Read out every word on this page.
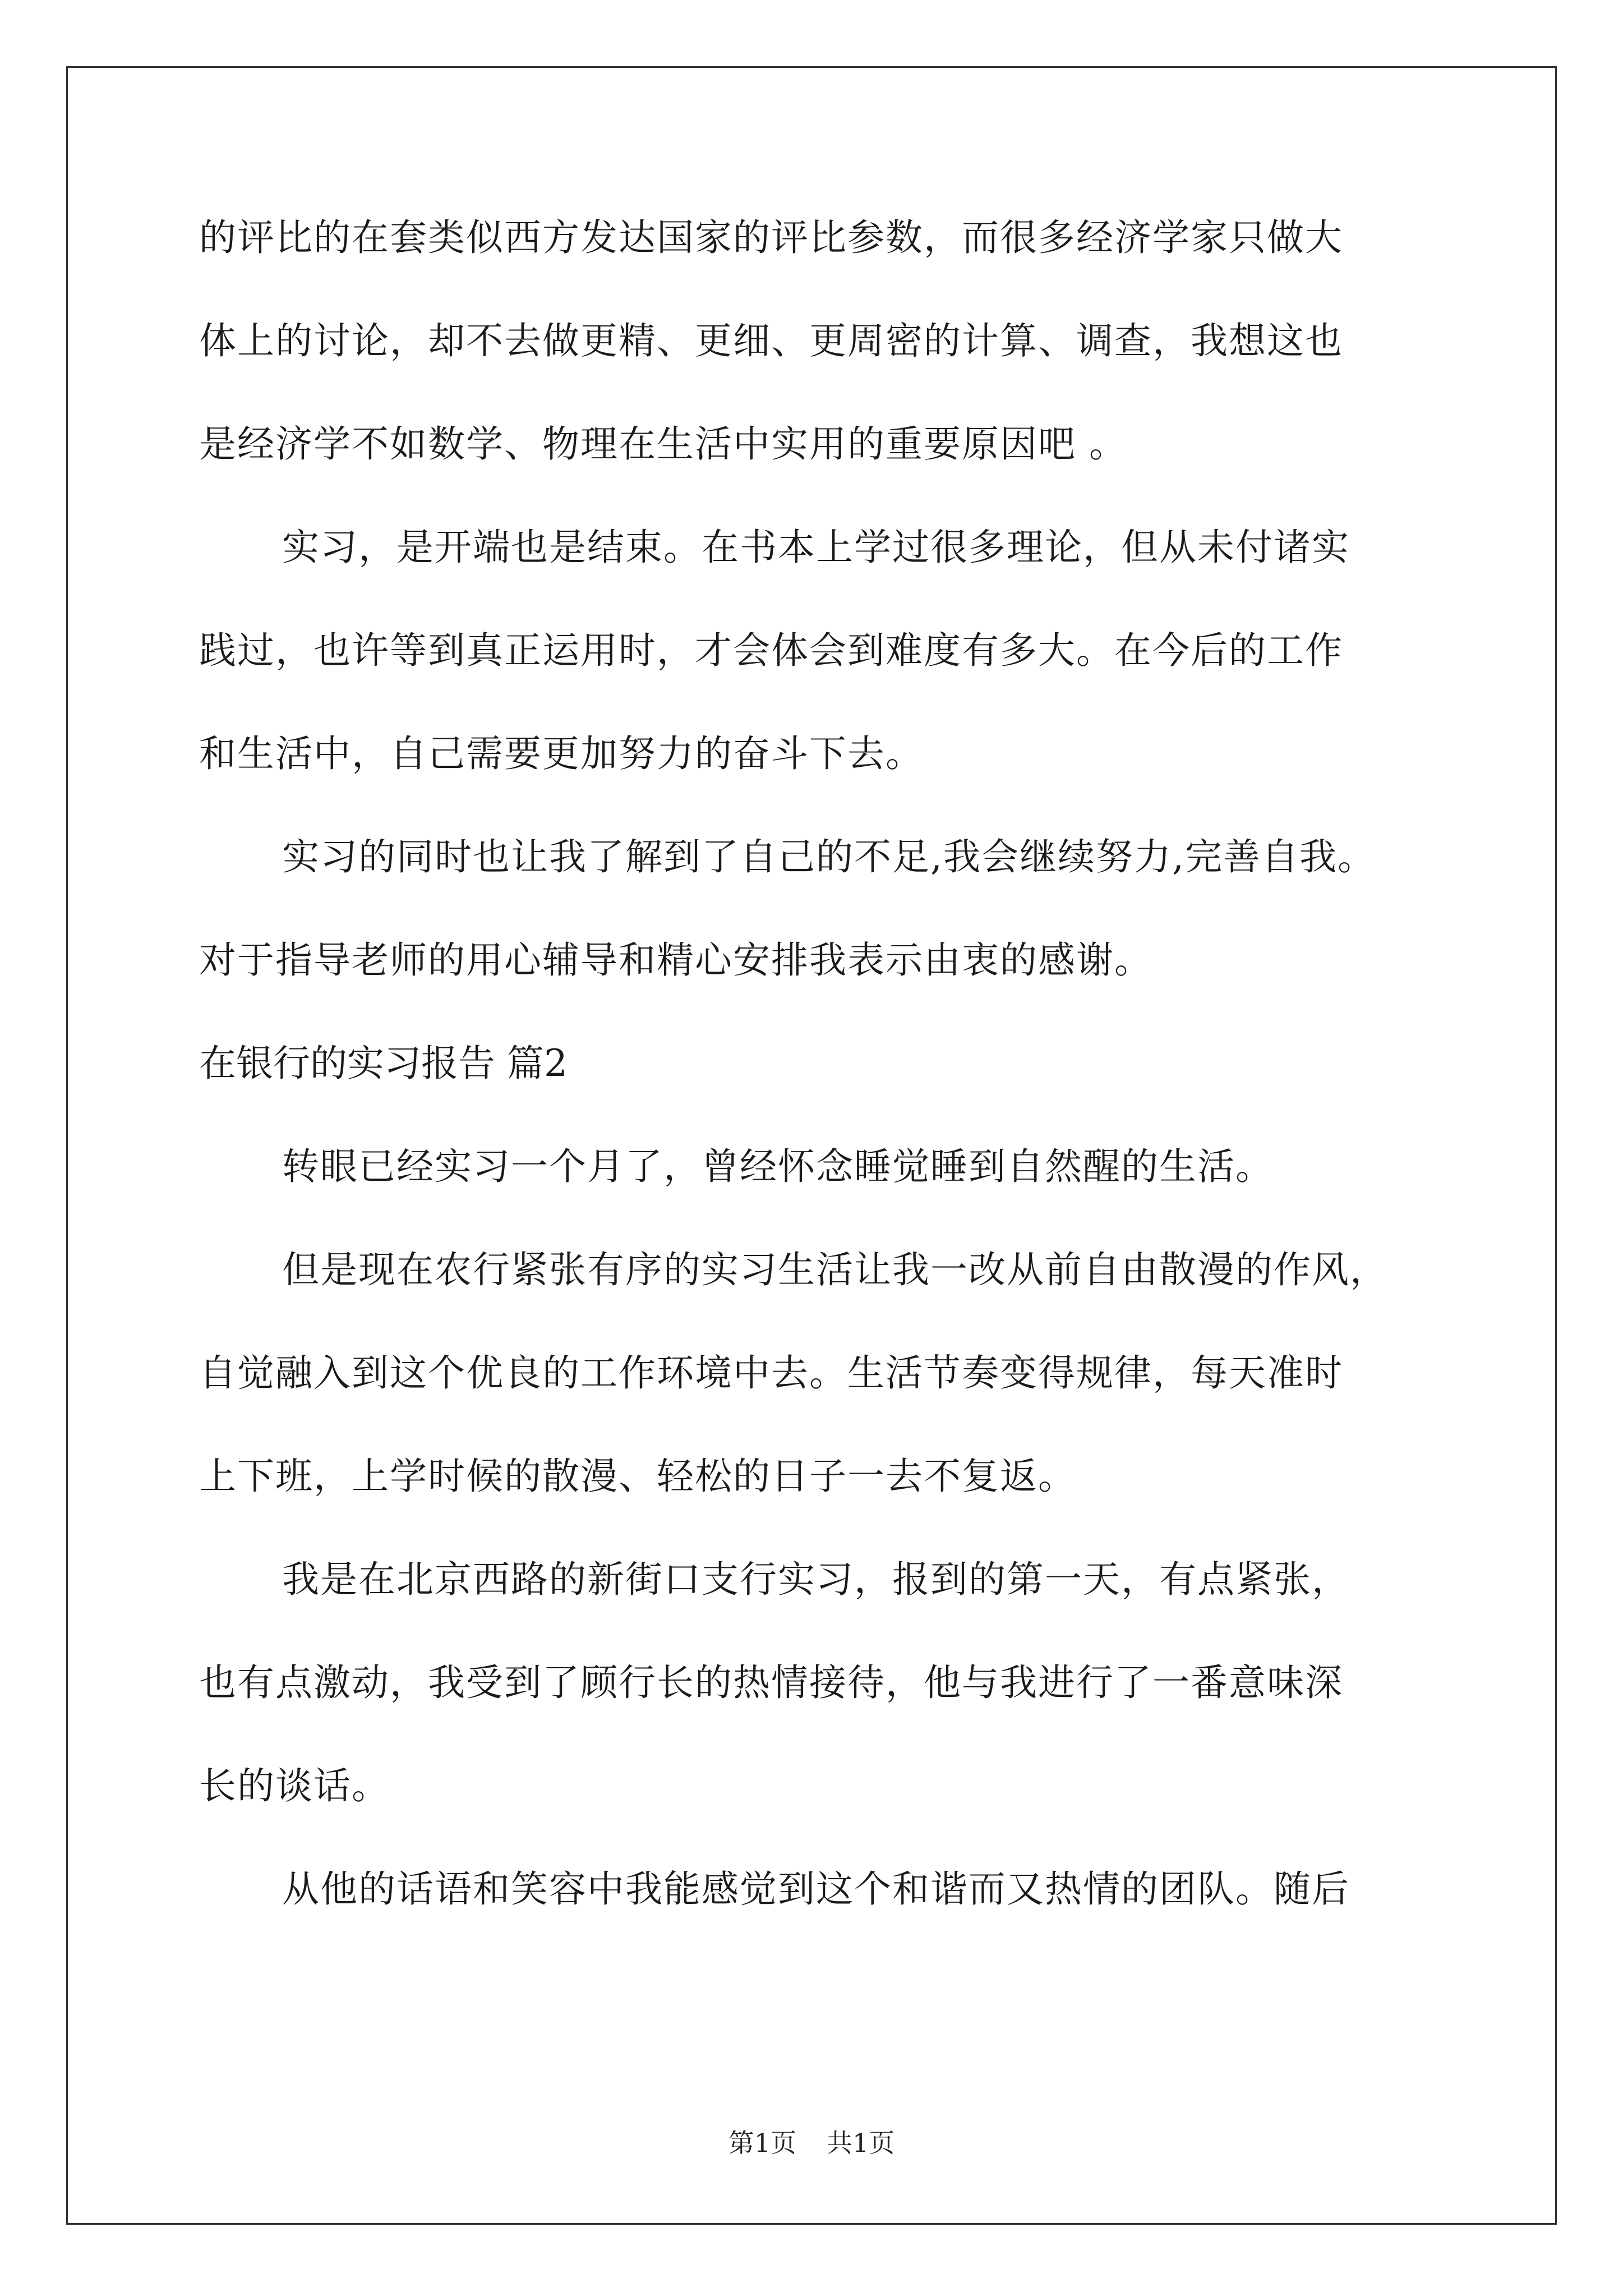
的评比的在套类似西方发达国家的评比参数，而很多经济学家只做大

体上的讨论，却不去做更精、更细、更周密的计算、调查，我想这也

是经济学不如数学、物理在生活中实用的重要原因吧 。

实习，是开端也是结束。在书本上学过很多理论，但从未付诸实

践过，也许等到真正运用时，才会体会到难度有多大。在今后的工作

和生活中，自己需要更加努力的奋斗下去。

实习的同时也让我了解到了自己的不足,我会继续努力,完善自我。

对于指导老师的用心辅导和精心安排我表示由衷的感谢。

在银行的实习报告 篇2

转眼已经实习一个月了，曾经怀念睡觉睡到自然醒的生活。

但是现在农行紧张有序的实习生活让我一改从前自由散漫的作风，

自觉融入到这个优良的工作环境中去。生活节奏变得规律，每天准时

上下班，上学时候的散漫、轻松的日子一去不复返。

我是在北京西路的新街口支行实习，报到的第一天，有点紧张，

也有点激动，我受到了顾行长的热情接待，他与我进行了一番意味深

长的谈话。

从他的话语和笑容中我能感觉到这个和谐而又热情的团队。随后

第1页 共1页
